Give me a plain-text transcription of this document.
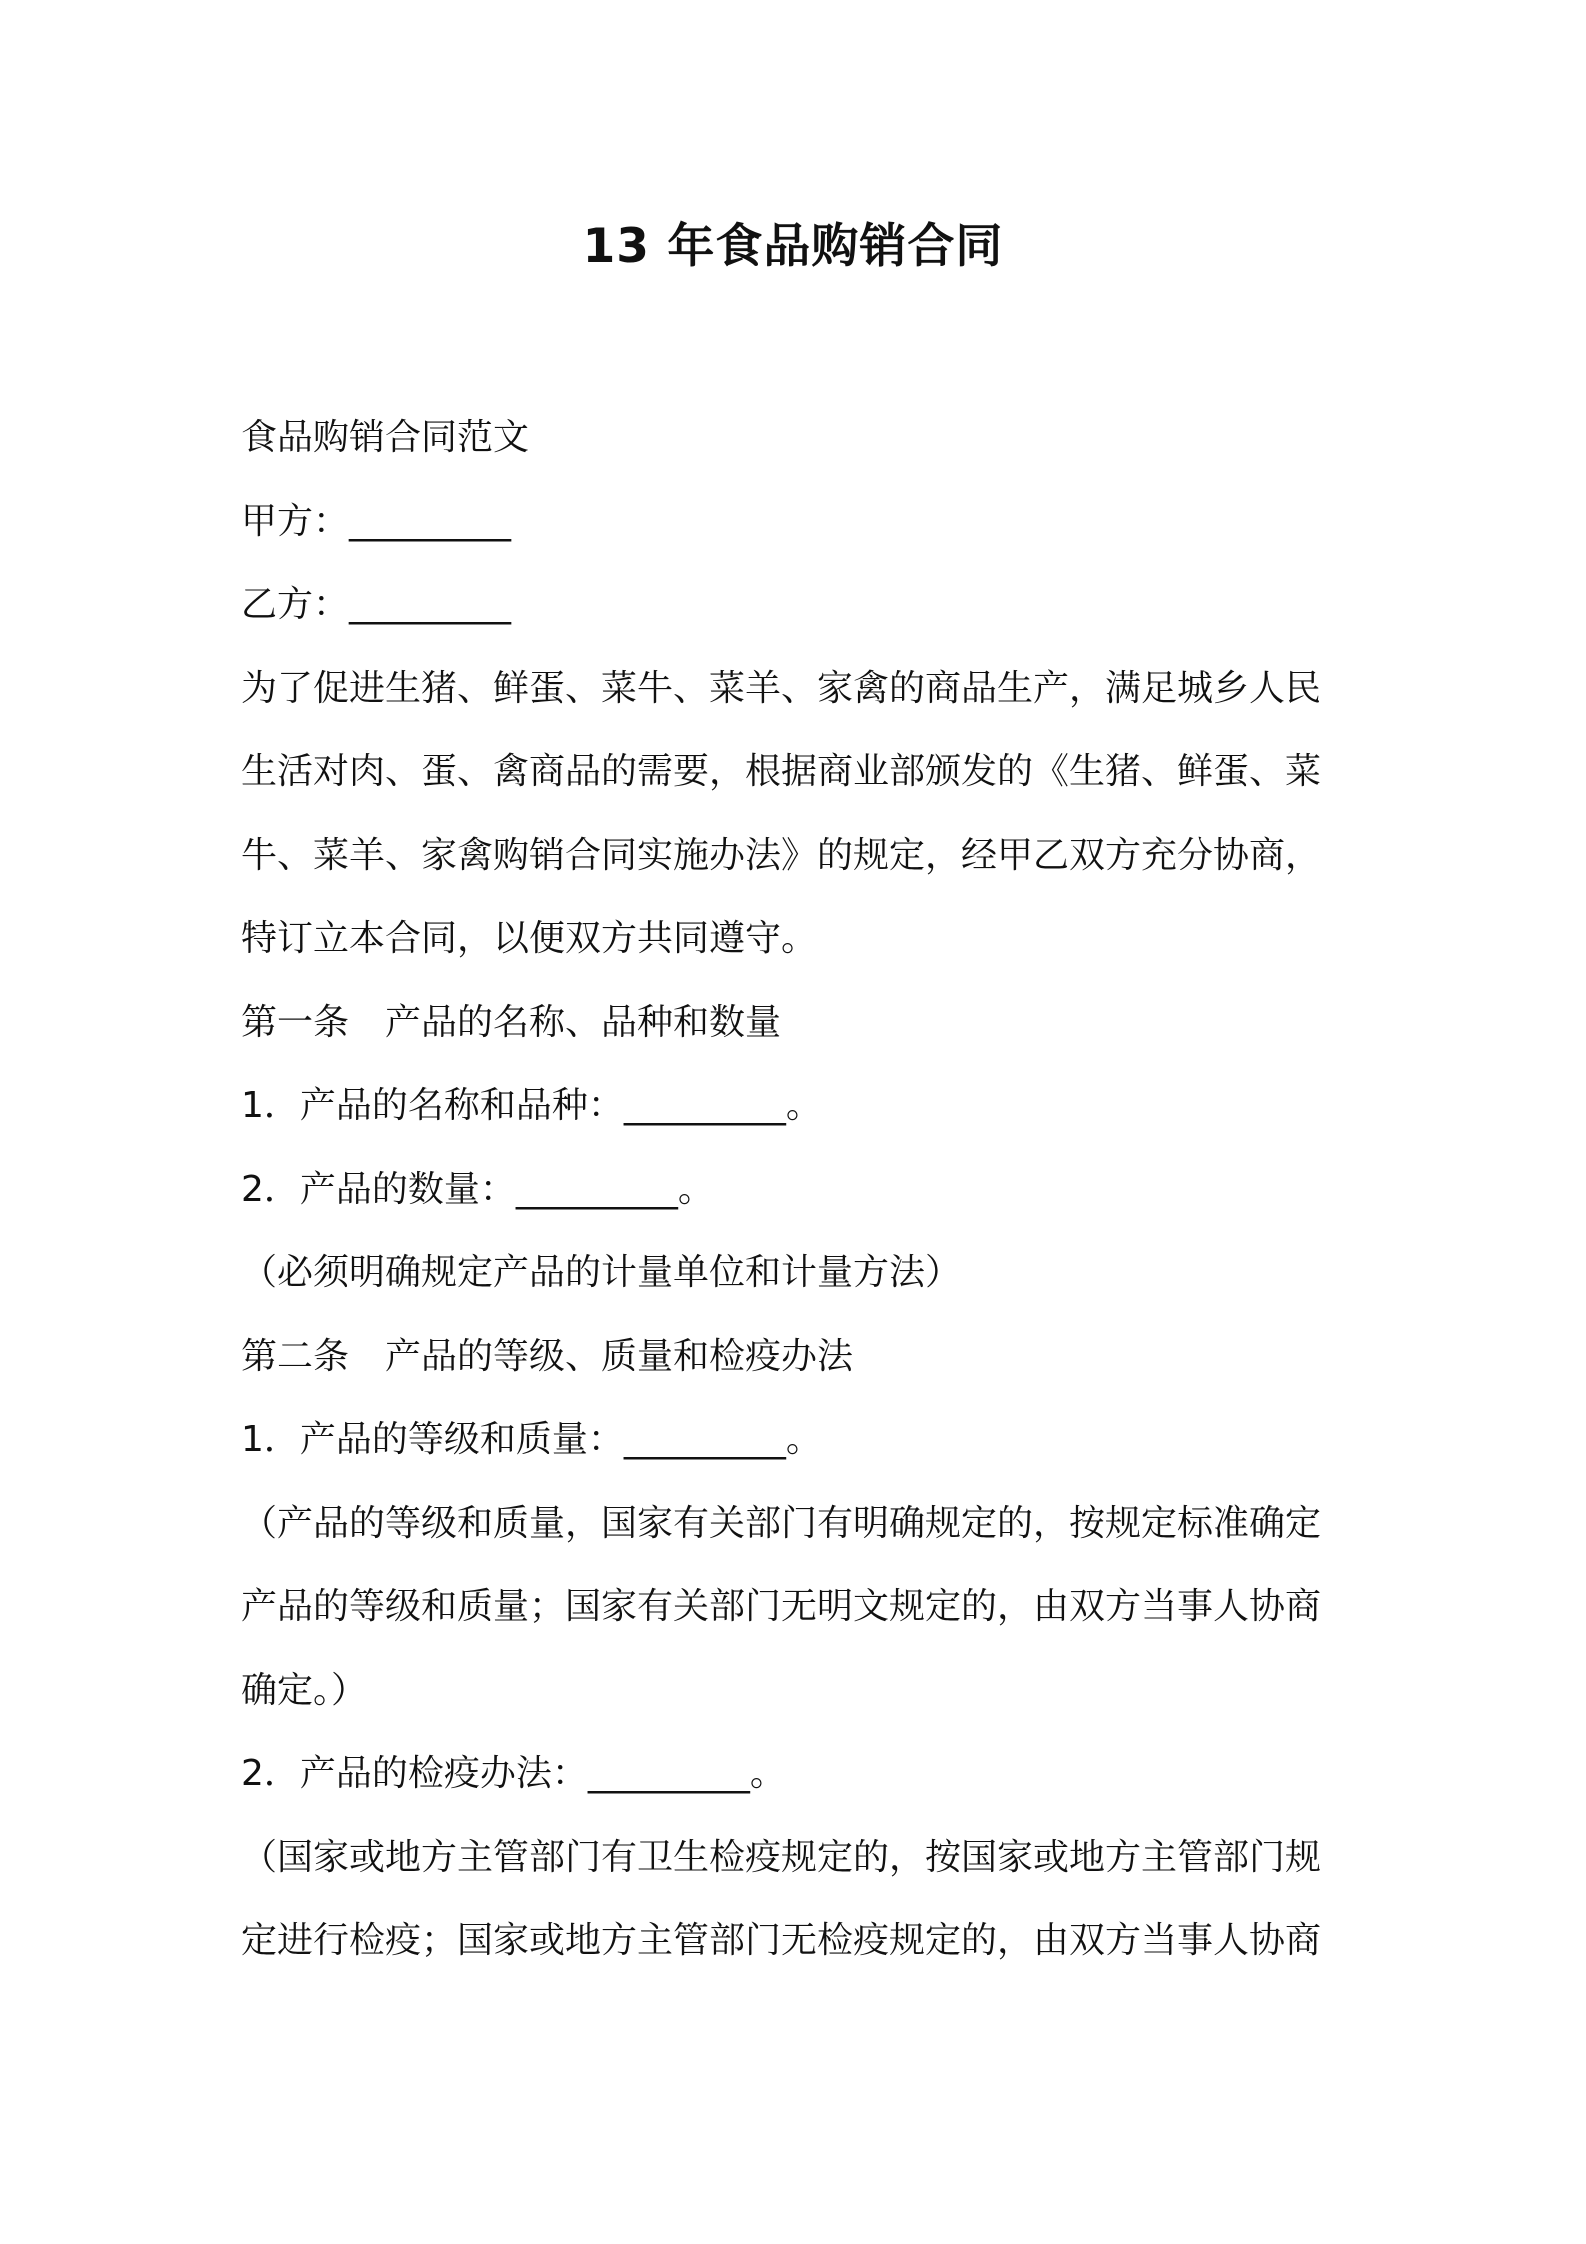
13 年食品购销合同

食品购销合同范文

甲方：_________

乙方：_________

为了促进生猪、鲜蛋、菜牛、菜羊、家禽的商品生产，满足城乡人民

生活对肉、蛋、禽商品的需要，根据商业部颁发的《生猪、鲜蛋、菜

牛、菜羊、家禽购销合同实施办法》的规定，经甲乙双方充分协商，

特订立本合同，以便双方共同遵守。

第一条　产品的名称、品种和数量

1．产品的名称和品种：_________。

2．产品的数量：_________。

（必须明确规定产品的计量单位和计量方法）

第二条　产品的等级、质量和检疫办法

1．产品的等级和质量：_________。

（产品的等级和质量，国家有关部门有明确规定的，按规定标准确定

产品的等级和质量；国家有关部门无明文规定的，由双方当事人协商

确定。）

2．产品的检疫办法：_________。

（国家或地方主管部门有卫生检疫规定的，按国家或地方主管部门规

定进行检疫；国家或地方主管部门无检疫规定的，由双方当事人协商
